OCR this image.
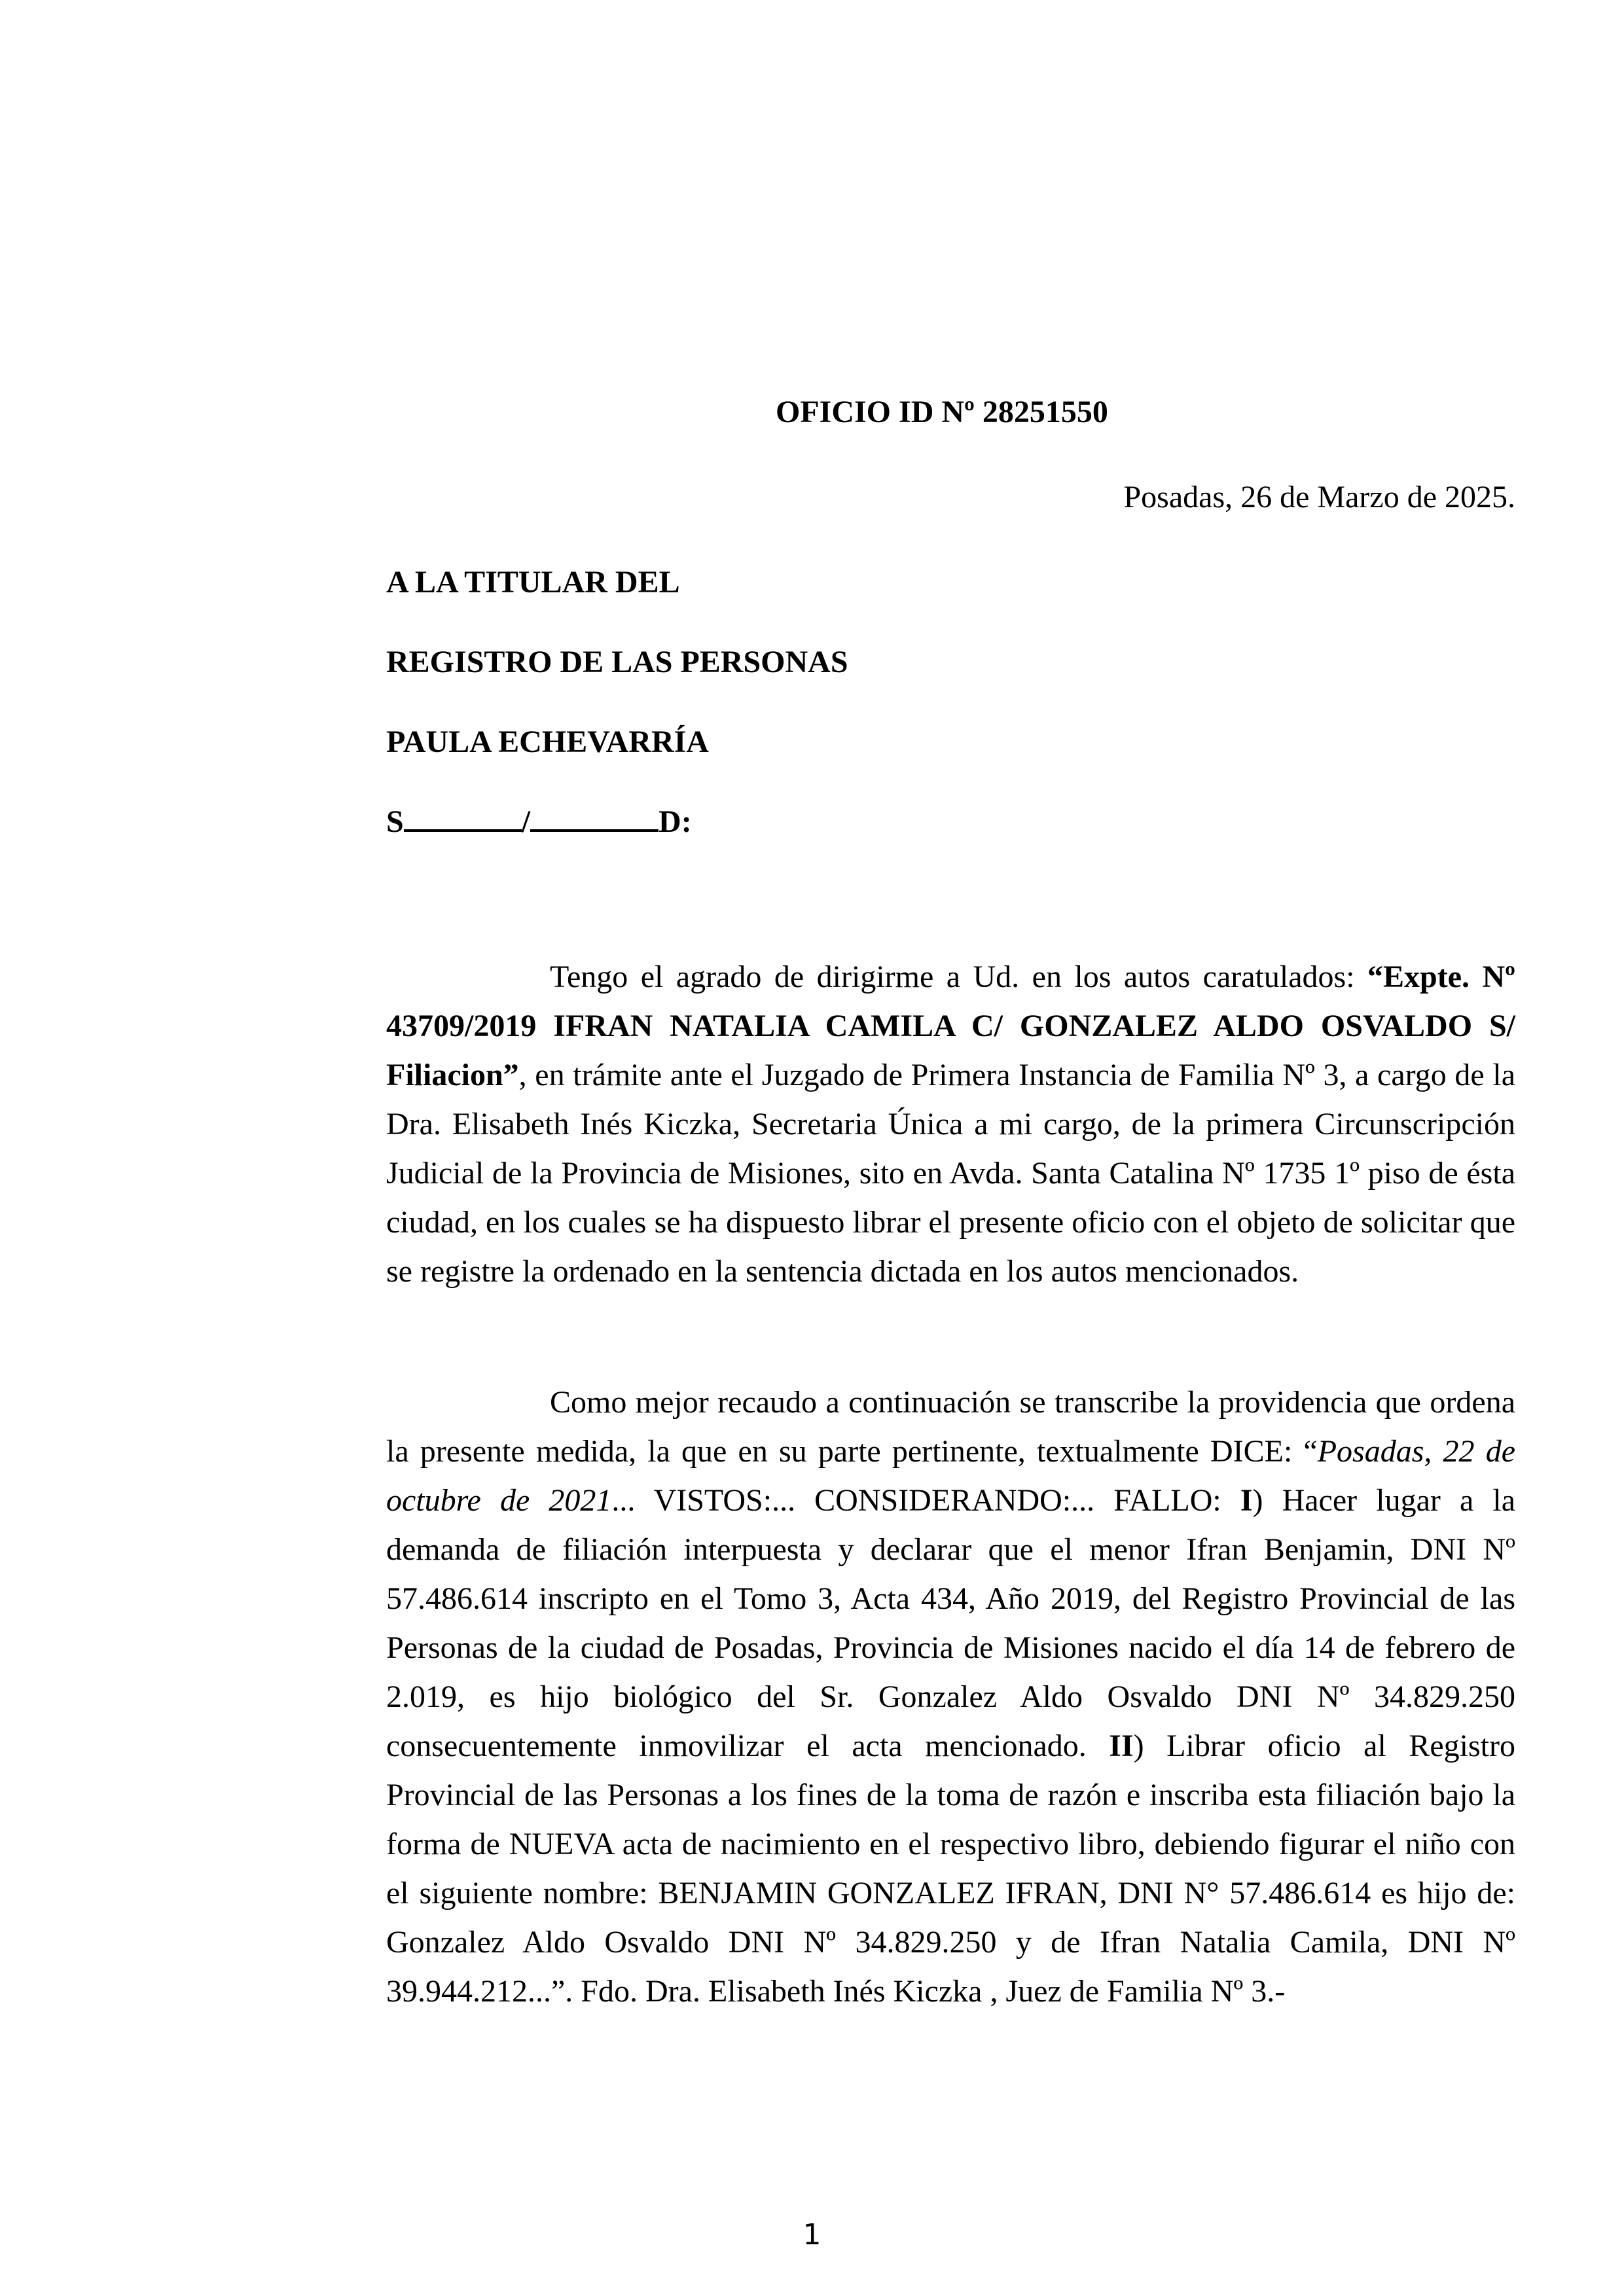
OFICIO ID Nº 28251550
Posadas, 26 de Marzo de 2025.
A LA TITULAR DEL
REGISTRO DE LAS PERSONAS
PAULA ECHEVARRÍA
S	/	D:

Tengo el agrado de dirigirme a Ud. en los autos caratulados: “Expte. Nº 43709/2019 IFRAN NATALIA CAMILA C/ GONZALEZ ALDO OSVALDO S/ Filiacion”, en trámite ante el Juzgado de Primera Instancia de Familia Nº 3, a cargo de la Dra. Elisabeth Inés Kiczka, Secretaria Única a mi cargo, de la primera Circunscripción Judicial de la Provincia de Misiones, sito en Avda. Santa Catalina Nº 1735 1º piso de ésta ciudad, en los cuales se ha dispuesto librar el presente oficio con el objeto de solicitar que se registre la ordenado en la sentencia dictada en los autos mencionados.

Como mejor recaudo a continuación se transcribe la providencia que ordena la presente medida, la que en su parte pertinente, textualmente DICE: “Posadas, 22 de octubre de 2021... VISTOS:... CONSIDERANDO:... FALLO: I) Hacer lugar a la demanda de filiación interpuesta y declarar que el menor Ifran Benjamin, DNI Nº 57.486.614 inscripto en el Tomo 3, Acta 434, Año 2019, del Registro Provincial de las Personas de la ciudad de Posadas, Provincia de Misiones nacido el día 14 de febrero de 2.019, es hijo biológico del Sr. Gonzalez Aldo Osvaldo DNI Nº 34.829.250 consecuentemente inmovilizar el acta mencionado. II) Librar oficio al Registro Provincial de las Personas a los fines de la toma de razón e inscriba esta filiación bajo la forma de NUEVA acta de nacimiento en el respectivo libro, debiendo figurar el niño con el siguiente nombre: BENJAMIN GONZALEZ IFRAN, DNI N° 57.486.614 es hijo de: Gonzalez Aldo Osvaldo DNI Nº 34.829.250 y de Ifran Natalia Camila, DNI Nº 39.944.212...”. Fdo. Dra. Elisabeth Inés Kiczka , Juez de Familia Nº 3.-

1
